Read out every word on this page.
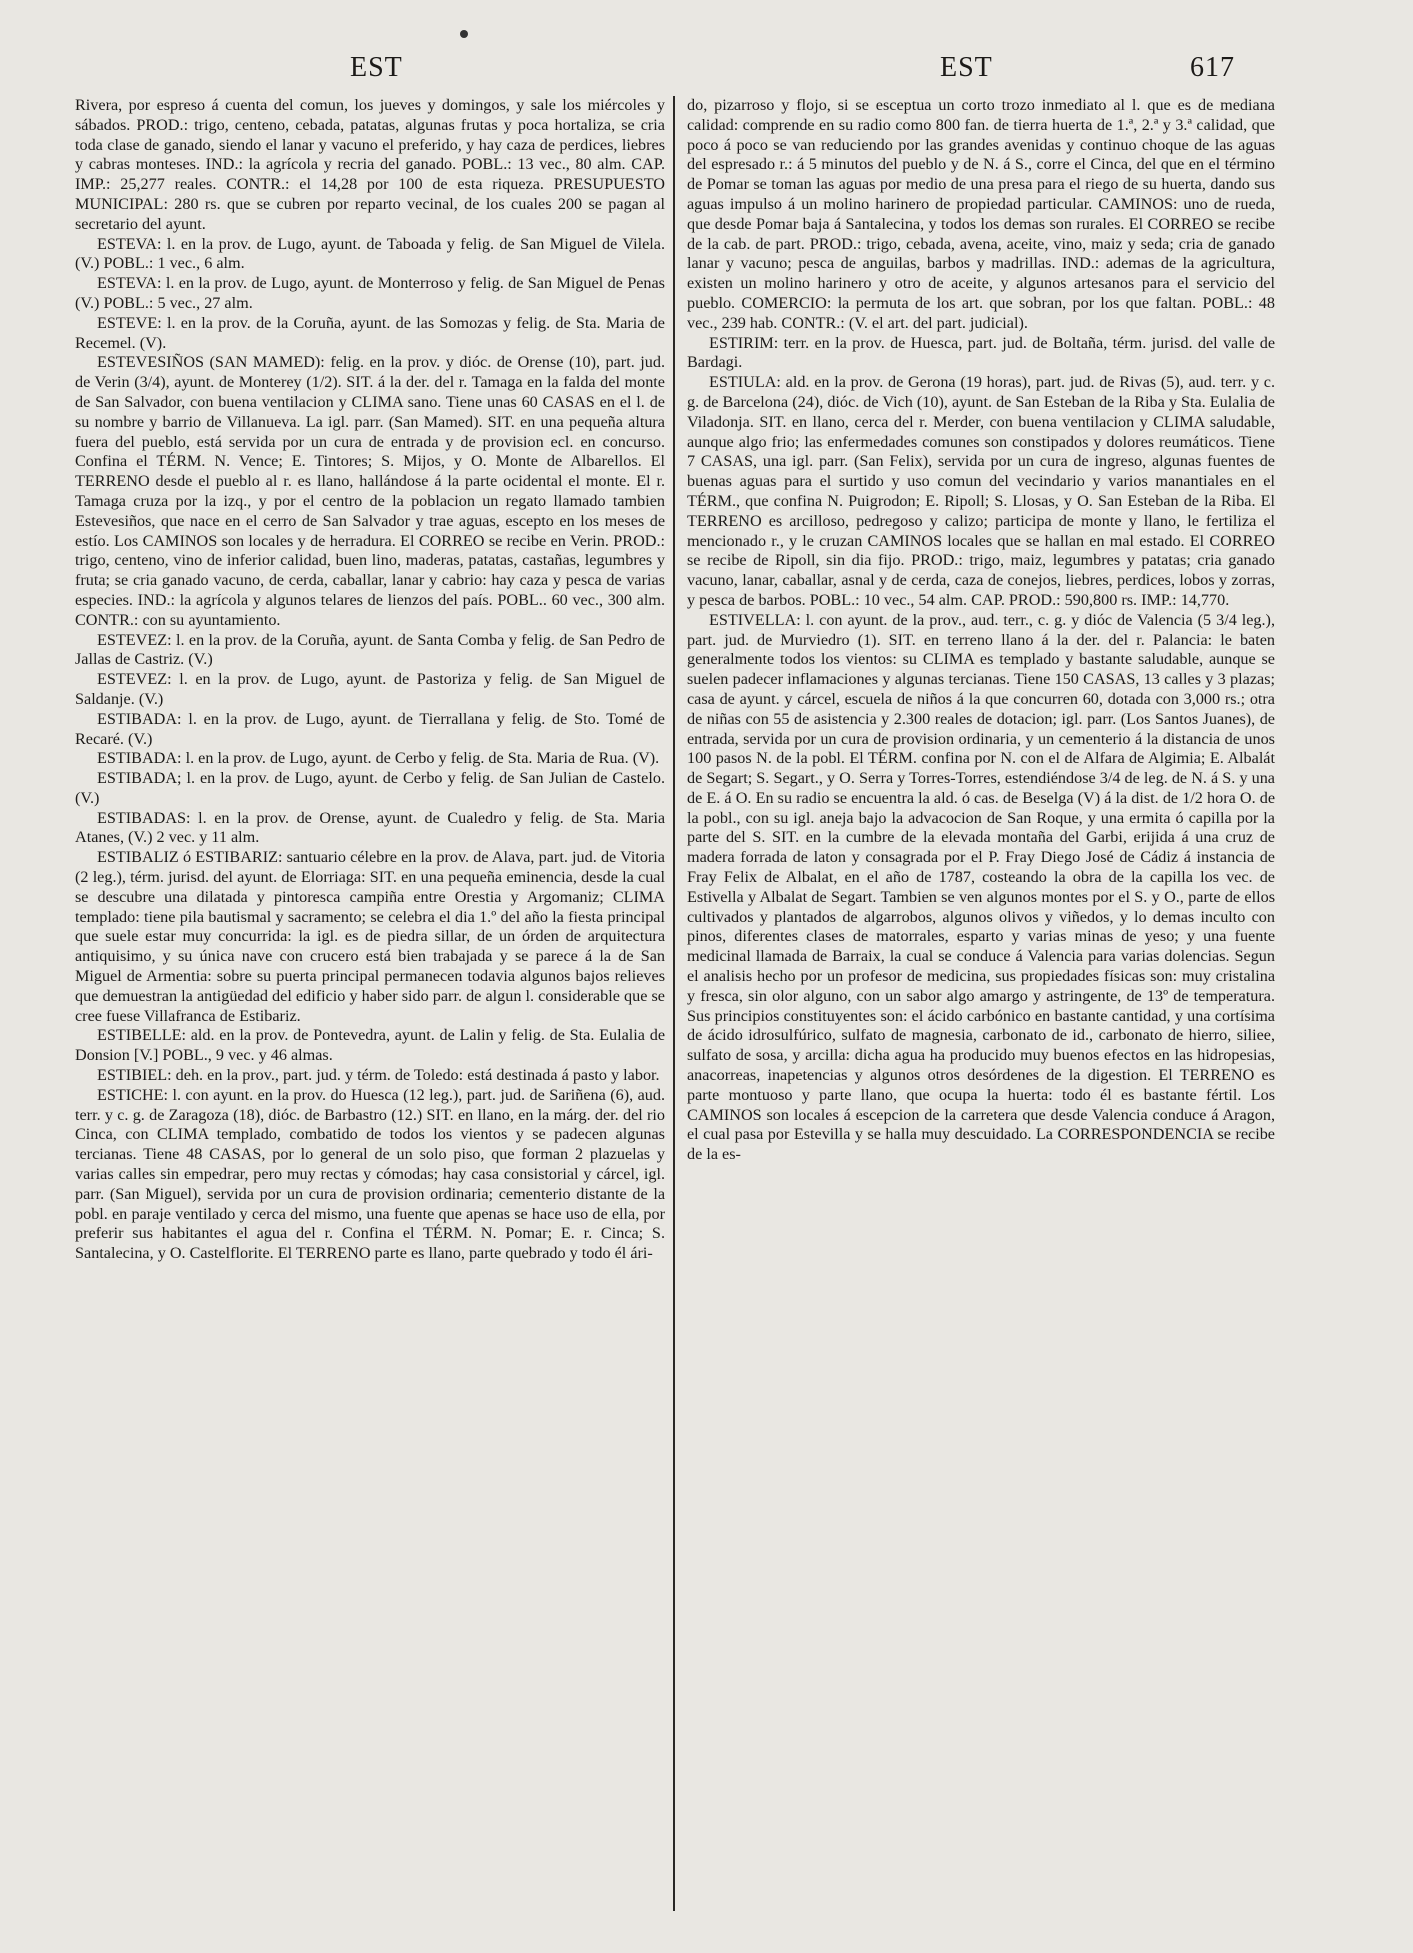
EST	EST	617

Rivera, por espreso á cuenta del comun, los jueves y domingos, y sale los miércoles y sábados. PROD.: trigo, centeno, cebada, patatas, algunas frutas y poca hortaliza, se cria toda clase de ganado, siendo el lanar y vacuno el preferido, y hay caza de perdices, liebres y cabras monteses. IND.: la agrícola y recria del ganado. POBL.: 13 vec., 80 alm. CAP. IMP.: 25,277 reales. CONTR.: el 14,28 por 100 de esta riqueza. PRESUPUESTO MUNICIPAL: 280 rs. que se cubren por reparto vecinal, de los cuales 200 se pagan al secretario del ayunt.

ESTEVA: l. en la prov. de Lugo, ayunt. de Taboada y felig. de San Miguel de Vilela. (V.) POBL.: 1 vec., 6 alm.

ESTEVA: l. en la prov. de Lugo, ayunt. de Monterroso y felig. de San Miguel de Penas (V.) POBL.: 5 vec., 27 alm.

ESTEVE: l. en la prov. de la Coruña, ayunt. de las Somozas y felig. de Sta. Maria de Recemel. (V).

ESTEVESIÑOS (SAN MAMED): felig. en la prov. y dióc. de Orense (10), part. jud. de Verin (3/4), ayunt. de Monterey (1/2). SIT. á la der. del r. Tamaga en la falda del monte de San Salvador, con buena ventilacion y CLIMA sano. Tiene unas 60 CASAS en el l. de su nombre y barrio de Villanueva. La igl. parr. (San Mamed). SIT. en una pequeña altura fuera del pueblo, está servida por un cura de entrada y de provision ecl. en concurso. Confina el TÉRM. N. Vence; E. Tintores; S. Mijos, y O. Monte de Albarellos. El TERRENO desde el pueblo al r. es llano, hallándose á la parte ocidental el monte. El r. Tamaga cruza por la izq., y por el centro de la poblacion un regato llamado tambien Estevesiños, que nace en el cerro de San Salvador y trae aguas, escepto en los meses de estío. Los CAMINOS son locales y de herradura. El CORREO se recibe en Verin. PROD.: trigo, centeno, vino de inferior calidad, buen lino, maderas, patatas, castañas, legumbres y fruta; se cria ganado vacuno, de cerda, caballar, lanar y cabrio: hay caza y pesca de varias especies. IND.: la agrícola y algunos telares de lienzos del país. POBL.. 60 vec., 300 alm. CONTR.: con su ayuntamiento.

ESTEVEZ: l. en la prov. de la Coruña, ayunt. de Santa Comba y felig. de San Pedro de Jallas de Castriz. (V.)

ESTEVEZ: l. en la prov. de Lugo, ayunt. de Pastoriza y felig. de San Miguel de Saldanje. (V.)

ESTIBADA: l. en la prov. de Lugo, ayunt. de Tierrallana y felig. de Sto. Tomé de Recaré. (V.)

ESTIBADA: l. en la prov. de Lugo, ayunt. de Cerbo y felig. de Sta. Maria de Rua. (V).

ESTIBADA; l. en la prov. de Lugo, ayunt. de Cerbo y felig. de San Julian de Castelo. (V.)

ESTIBADAS: l. en la prov. de Orense, ayunt. de Cualedro y felig. de Sta. Maria Atanes, (V.) 2 vec. y 11 alm.

ESTIBALIZ ó ESTIBARIZ: santuario célebre en la prov. de Alava, part. jud. de Vitoria (2 leg.), térm. jurisd. del ayunt. de Elorriaga: SIT. en una pequeña eminencia, desde la cual se descubre una dilatada y pintoresca campiña entre Orestia y Argomaniz; CLIMA templado: tiene pila bautismal y sacramento; se celebra el dia 1.º del año la fiesta principal que suele estar muy concurrida: la igl. es de piedra sillar, de un órden de arquitectura antiquisimo, y su única nave con crucero está bien trabajada y se parece á la de San Miguel de Armentia: sobre su puerta principal permanecen todavia algunos bajos relieves que demuestran la antigüedad del edificio y haber sido parr. de algun l. considerable que se cree fuese Villafranca de Estibariz.

ESTIBELLE: ald. en la prov. de Pontevedra, ayunt. de Lalin y felig. de Sta. Eulalia de Donsion [V.] POBL., 9 vec. y 46 almas.

ESTIBIEL: deh. en la prov., part. jud. y térm. de Toledo: está destinada á pasto y labor.

ESTICHE: l. con ayunt. en la prov. do Huesca (12 leg.), part. jud. de Sariñena (6), aud. terr. y c. g. de Zaragoza (18), dióc. de Barbastro (12.) SIT. en llano, en la márg. der. del rio Cinca, con CLIMA templado, combatido de todos los vientos y se padecen algunas tercianas. Tiene 48 CASAS, por lo general de un solo piso, que forman 2 plazuelas y varias calles sin empedrar, pero muy rectas y cómodas; hay casa consistorial y cárcel, igl. parr. (San Miguel), servida por un cura de provision ordinaria; cementerio distante de la pobl. en paraje ventilado y cerca del mismo, una fuente que apenas se hace uso de ella, por preferir sus habitantes el agua del r. Confina el TÉRM. N. Pomar; E. r. Cinca; S. Santalecina, y O. Castelflorite. El TERRENO parte es llano, parte quebrado y todo él ári-

do, pizarroso y flojo, si se esceptua un corto trozo inmediato al l. que es de mediana calidad: comprende en su radio como 800 fan. de tierra huerta de 1.ª, 2.ª y 3.ª calidad, que poco á poco se van reduciendo por las grandes avenidas y continuo choque de las aguas del espresado r.: á 5 minutos del pueblo y de N. á S., corre el Cinca, del que en el término de Pomar se toman las aguas por medio de una presa para el riego de su huerta, dando sus aguas impulso á un molino harinero de propiedad particular. CAMINOS: uno de rueda, que desde Pomar baja á Santalecina, y todos los demas son rurales. El CORREO se recibe de la cab. de part. PROD.: trigo, cebada, avena, aceite, vino, maiz y seda; cria de ganado lanar y vacuno; pesca de anguilas, barbos y madrillas. IND.: ademas de la agricultura, existen un molino harinero y otro de aceite, y algunos artesanos para el servicio del pueblo. COMERCIO: la permuta de los art. que sobran, por los que faltan. POBL.: 48 vec., 239 hab. CONTR.: (V. el art. del part. judicial).

ESTIRIM: terr. en la prov. de Huesca, part. jud. de Boltaña, térm. jurisd. del valle de Bardagi.

ESTIULA: ald. en la prov. de Gerona (19 horas), part. jud. de Rivas (5), aud. terr. y c. g. de Barcelona (24), dióc. de Vich (10), ayunt. de San Esteban de la Riba y Sta. Eulalia de Viladonja. SIT. en llano, cerca del r. Merder, con buena ventilacion y CLIMA saludable, aunque algo frio; las enfermedades comunes son constipados y dolores reumáticos. Tiene 7 CASAS, una igl. parr. (San Felix), servida por un cura de ingreso, algunas fuentes de buenas aguas para el surtido y uso comun del vecindario y varios manantiales en el TÉRM., que confina N. Puigrodon; E. Ripoll; S. Llosas, y O. San Esteban de la Riba. El TERRENO es arcilloso, pedregoso y calizo; participa de monte y llano, le fertiliza el mencionado r., y le cruzan CAMINOS locales que se hallan en mal estado. El CORREO se recibe de Ripoll, sin dia fijo. PROD.: trigo, maiz, legumbres y patatas; cria ganado vacuno, lanar, caballar, asnal y de cerda, caza de conejos, liebres, perdices, lobos y zorras, y pesca de barbos. POBL.: 10 vec., 54 alm. CAP. PROD.: 590,800 rs. IMP.: 14,770.

ESTIVELLA: l. con ayunt. de la prov., aud. terr., c. g. y dióc de Valencia (5 3/4 leg.), part. jud. de Murviedro (1). SIT. en terreno llano á la der. del r. Palancia: le baten generalmente todos los vientos: su CLIMA es templado y bastante saludable, aunque se suelen padecer inflamaciones y algunas tercianas. Tiene 150 CASAS, 13 calles y 3 plazas; casa de ayunt. y cárcel, escuela de niños á la que concurren 60, dotada con 3,000 rs.; otra de niñas con 55 de asistencia y 2.300 reales de dotacion; igl. parr. (Los Santos Juanes), de entrada, servida por un cura de provision ordinaria, y un cementerio á la distancia de unos 100 pasos N. de la pobl. El TÉRM. confina por N. con el de Alfara de Algimia; E. Albalát de Segart; S. Segart., y O. Serra y Torres-Torres, estendiéndose 3/4 de leg. de N. á S. y una de E. á O. En su radio se encuentra la ald. ó cas. de Beselga (V) á la dist. de 1/2 hora O. de la pobl., con su igl. aneja bajo la advacocion de San Roque, y una ermita ó capilla por la parte del S. SIT. en la cumbre de la elevada montaña del Garbi, erijida á una cruz de madera forrada de laton y consagrada por el P. Fray Diego José de Cádiz á instancia de Fray Felix de Albalat, en el año de 1787, costeando la obra de la capilla los vec. de Estivella y Albalat de Segart. Tambien se ven algunos montes por el S. y O., parte de ellos cultivados y plantados de algarrobos, algunos olivos y viñedos, y lo demas inculto con pinos, diferentes clases de matorrales, esparto y varias minas de yeso; y una fuente medicinal llamada de Barraix, la cual se conduce á Valencia para varias dolencias. Segun el analisis hecho por un profesor de medicina, sus propiedades físicas son: muy cristalina y fresca, sin olor alguno, con un sabor algo amargo y astringente, de 13º de temperatura. Sus principios constituyentes son: el ácido carbónico en bastante cantidad, y una cortísima de ácido idrosulfúrico, sulfato de magnesia, carbonato de id., carbonato de hierro, siliee, sulfato de sosa, y arcilla: dicha agua ha producido muy buenos efectos en las hidropesias, anacorreas, inapetencias y algunos otros desórdenes de la digestion. El TERRENO es parte montuoso y parte llano, que ocupa la huerta: todo él es bastante fértil. Los CAMINOS son locales á escepcion de la carretera que desde Valencia conduce á Aragon, el cual pasa por Estevilla y se halla muy descuidado. La CORRESPONDENCIA se recibe de la es-
